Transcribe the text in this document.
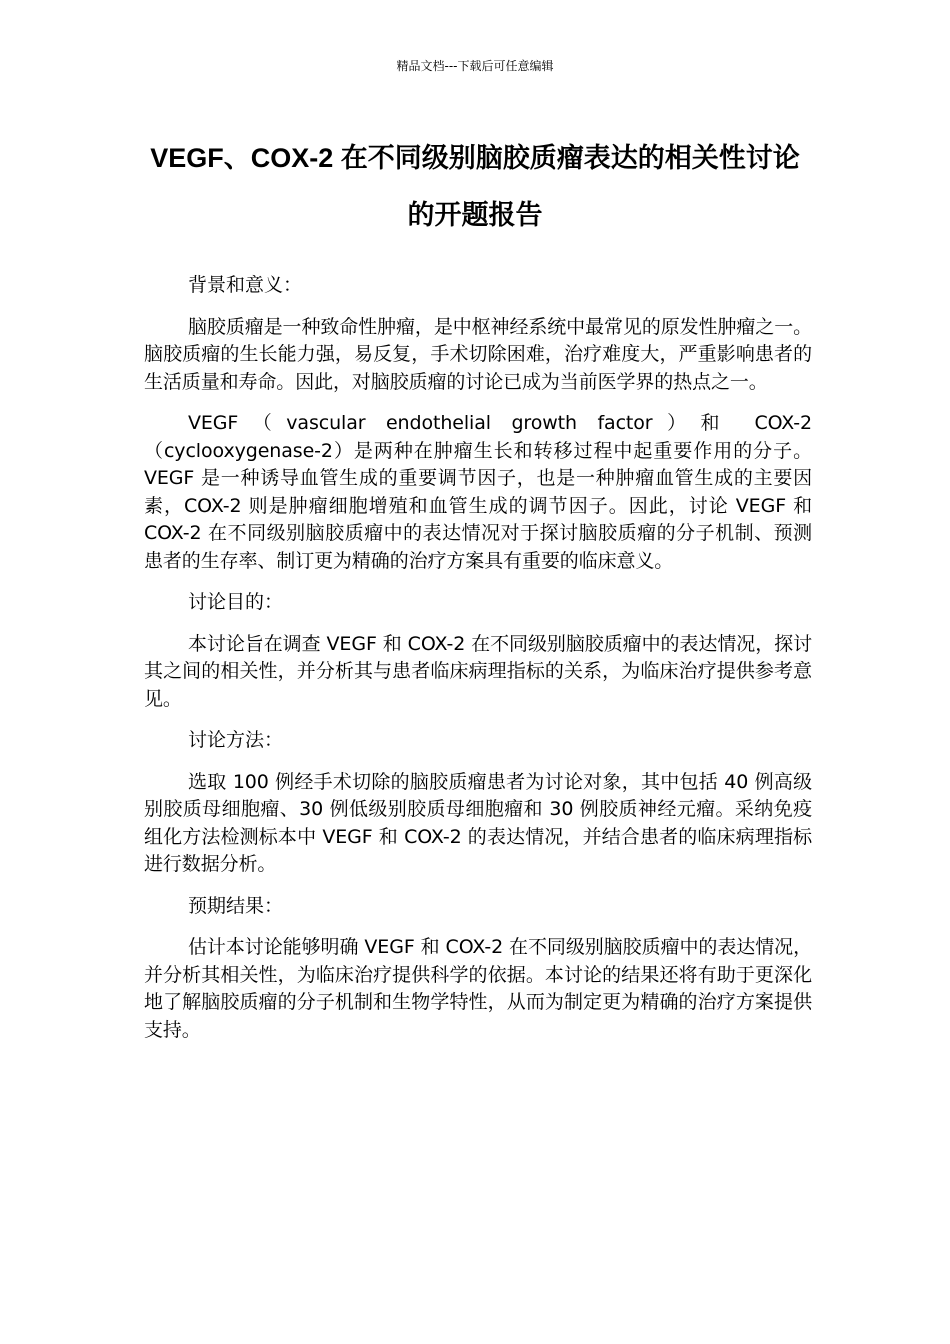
精品文档---下载后可任意编辑
VEGF、COX-2 在不同级别脑胶质瘤表达的相关性讨论的开题报告

背景和意义：

脑胶质瘤是一种致命性肿瘤，是中枢神经系统中最常见的原发性肿瘤之一。脑胶质瘤的生长能力强，易反复，手术切除困难，治疗难度大，严重影响患者的生活质量和寿命。因此，对脑胶质瘤的讨论已成为当前医学界的热点之一。

VEGF（vascular endothelial growth factor）和 COX-2（cyclooxygenase-2）是两种在肿瘤生长和转移过程中起重要作用的分子。VEGF 是一种诱导血管生成的重要调节因子，也是一种肿瘤血管生成的主要因素，COX-2 则是肿瘤细胞增殖和血管生成的调节因子。因此，讨论 VEGF 和 COX-2 在不同级别脑胶质瘤中的表达情况对于探讨脑胶质瘤的分子机制、预测患者的生存率、制订更为精确的治疗方案具有重要的临床意义。

讨论目的：

本讨论旨在调查 VEGF 和 COX-2 在不同级别脑胶质瘤中的表达情况，探讨其之间的相关性，并分析其与患者临床病理指标的关系，为临床治疗提供参考意见。

讨论方法：

选取 100 例经手术切除的脑胶质瘤患者为讨论对象，其中包括 40 例高级别胶质母细胞瘤、30 例低级别胶质母细胞瘤和 30 例胶质神经元瘤。采纳免疫组化方法检测标本中 VEGF 和 COX-2 的表达情况，并结合患者的临床病理指标进行数据分析。

预期结果：

估计本讨论能够明确 VEGF 和 COX-2 在不同级别脑胶质瘤中的表达情况，并分析其相关性，为临床治疗提供科学的依据。本讨论的结果还将有助于更深化地了解脑胶质瘤的分子机制和生物学特性，从而为制定更为精确的治疗方案提供支持。
